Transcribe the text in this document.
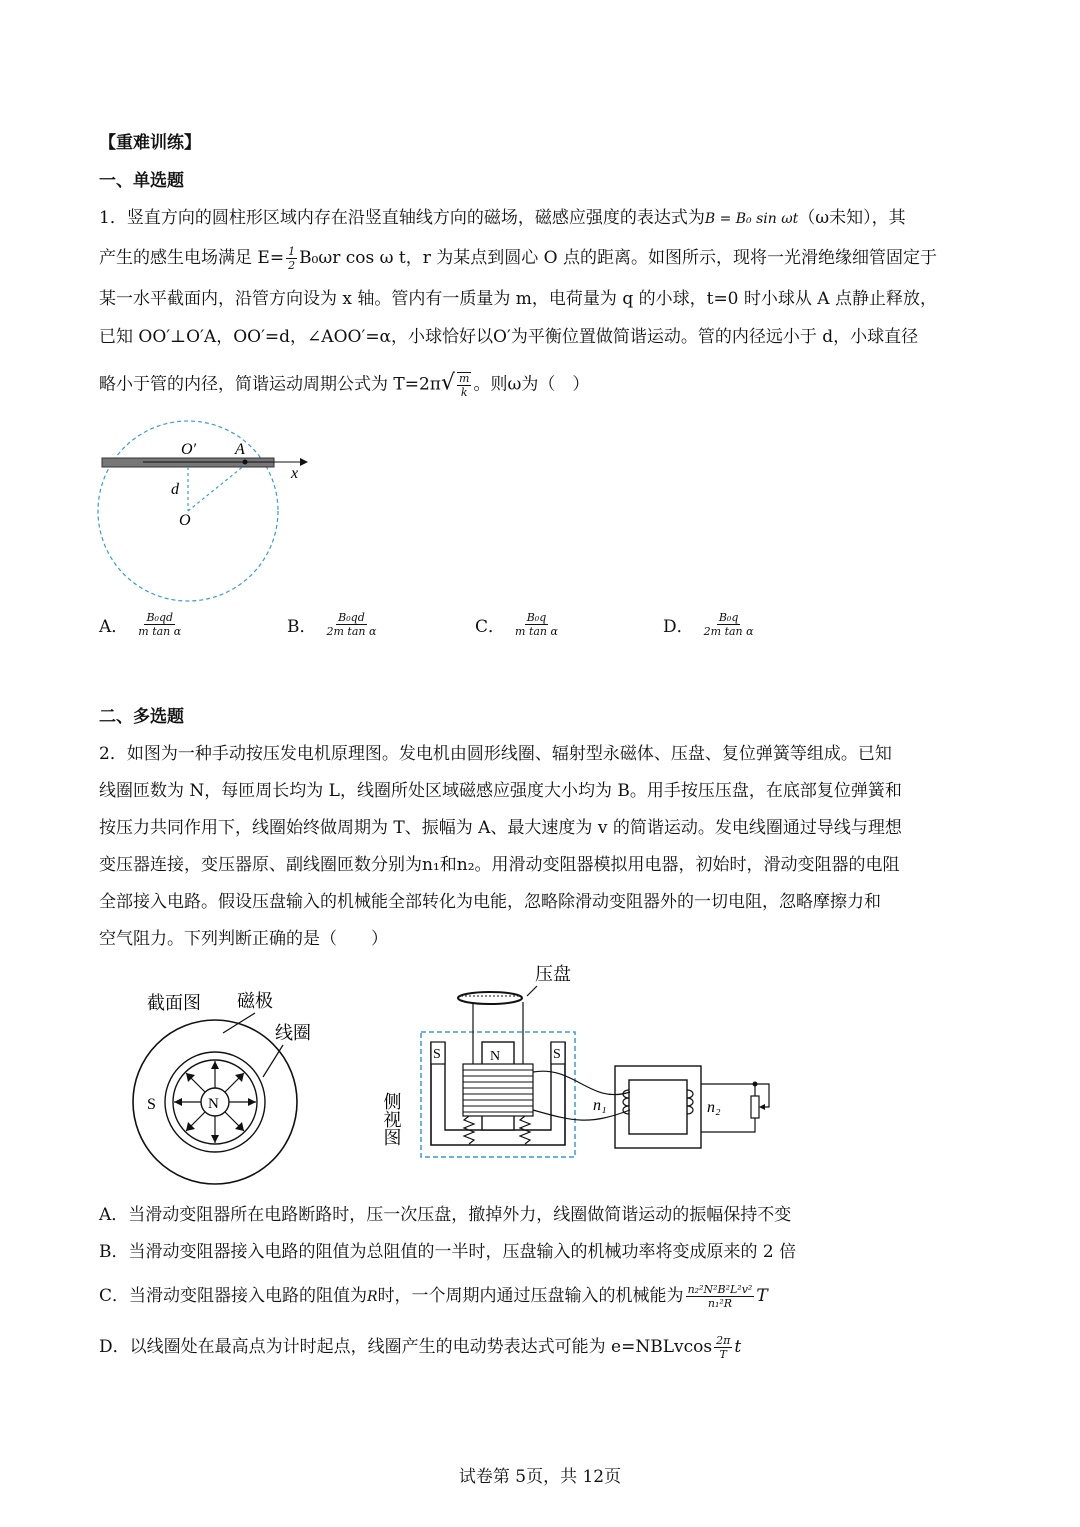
【重难训练】
一、单选题
1．竖直方向的圆柱形区域内存在沿竖直轴线方向的磁场，磁感应强度的表达式为B = B₀ sin ωt（ω未知），其
产生的感生电场满足 $E= \frac{1}{2} B_0\omega r$ cos ω t，r 为某点到圆心 O 点的距离。如图所示，现将一光滑绝缘细管固定于
某一水平截面内，沿管方向设为 x 轴。管内有一质量为 m，电荷量为 q 的小球，t=0 时小球从 A 点静止释放，
已知 OO′⊥O′A，OO′=d，∠AOO′=α，小球恰好以O′为平衡位置做简谐运动。管的内径远小于 d，小球直径
略小于管的内径，简谐运动周期公式为 $T=2\pi√ \frac{m}{k}$ 。则ω为（　）
O′ A
x
d
O
A． $\frac{\text{B₀qd}}{\text{m tan α}}$	B． $\frac{\text{B₀qd}}{\text{2m tan α}}$	C． $\frac{\text{B₀q}}{\text{m tan α}}$	D． $\frac{\text{B₀q}}{\text{2m tan α}}$
二、多选题
2．如图为一种手动按压发电机原理图。发电机由圆形线圈、辐射型永磁体、压盘、复位弹簧等组成。已知
线圈匝数为 N，每匝周长均为 L，线圈所处区域磁感应强度大小均为 B。用手按压压盘，在底部复位弹簧和
按压力共同作用下，线圈始终做周期为 T、振幅为 A、最大速度为 v 的简谐运动。发电线圈通过导线与理想
变压器连接，变压器原、副线圈匝数分别为n₁和n₂。用滑动变阻器模拟用电器，初始时，滑动变阻器的电阻
全部接入电路。假设压盘输入的机械能全部转化为电能，忽略除滑动变阻器外的一切电阻，忽略摩擦力和
空气阻力。下列判断正确的是（　　）
截面图 磁极
线圈
S	N
压盘
侧视图
S	S
N
n₁	n₂
A．当滑动变阻器所在电路断路时，压一次压盘，撤掉外力，线圈做简谐运动的振幅保持不变
B．当滑动变阻器接入电路的阻值为总阻值的一半时，压盘输入的机械功率将变成原来的 2 倍
C．当滑动变阻器接入电路的阻值为R时，一个周期内通过压盘输入的机械能为 $\frac{\text{n₂²N²B²L²v²}}{\text{n₁²R}}$ T
D．以线圈处在最高点为计时起点，线圈产生的电动势表达式可能为 e=NBLvcos $\frac{2\pi}{T}$ t
试卷第 5页，共 12页
